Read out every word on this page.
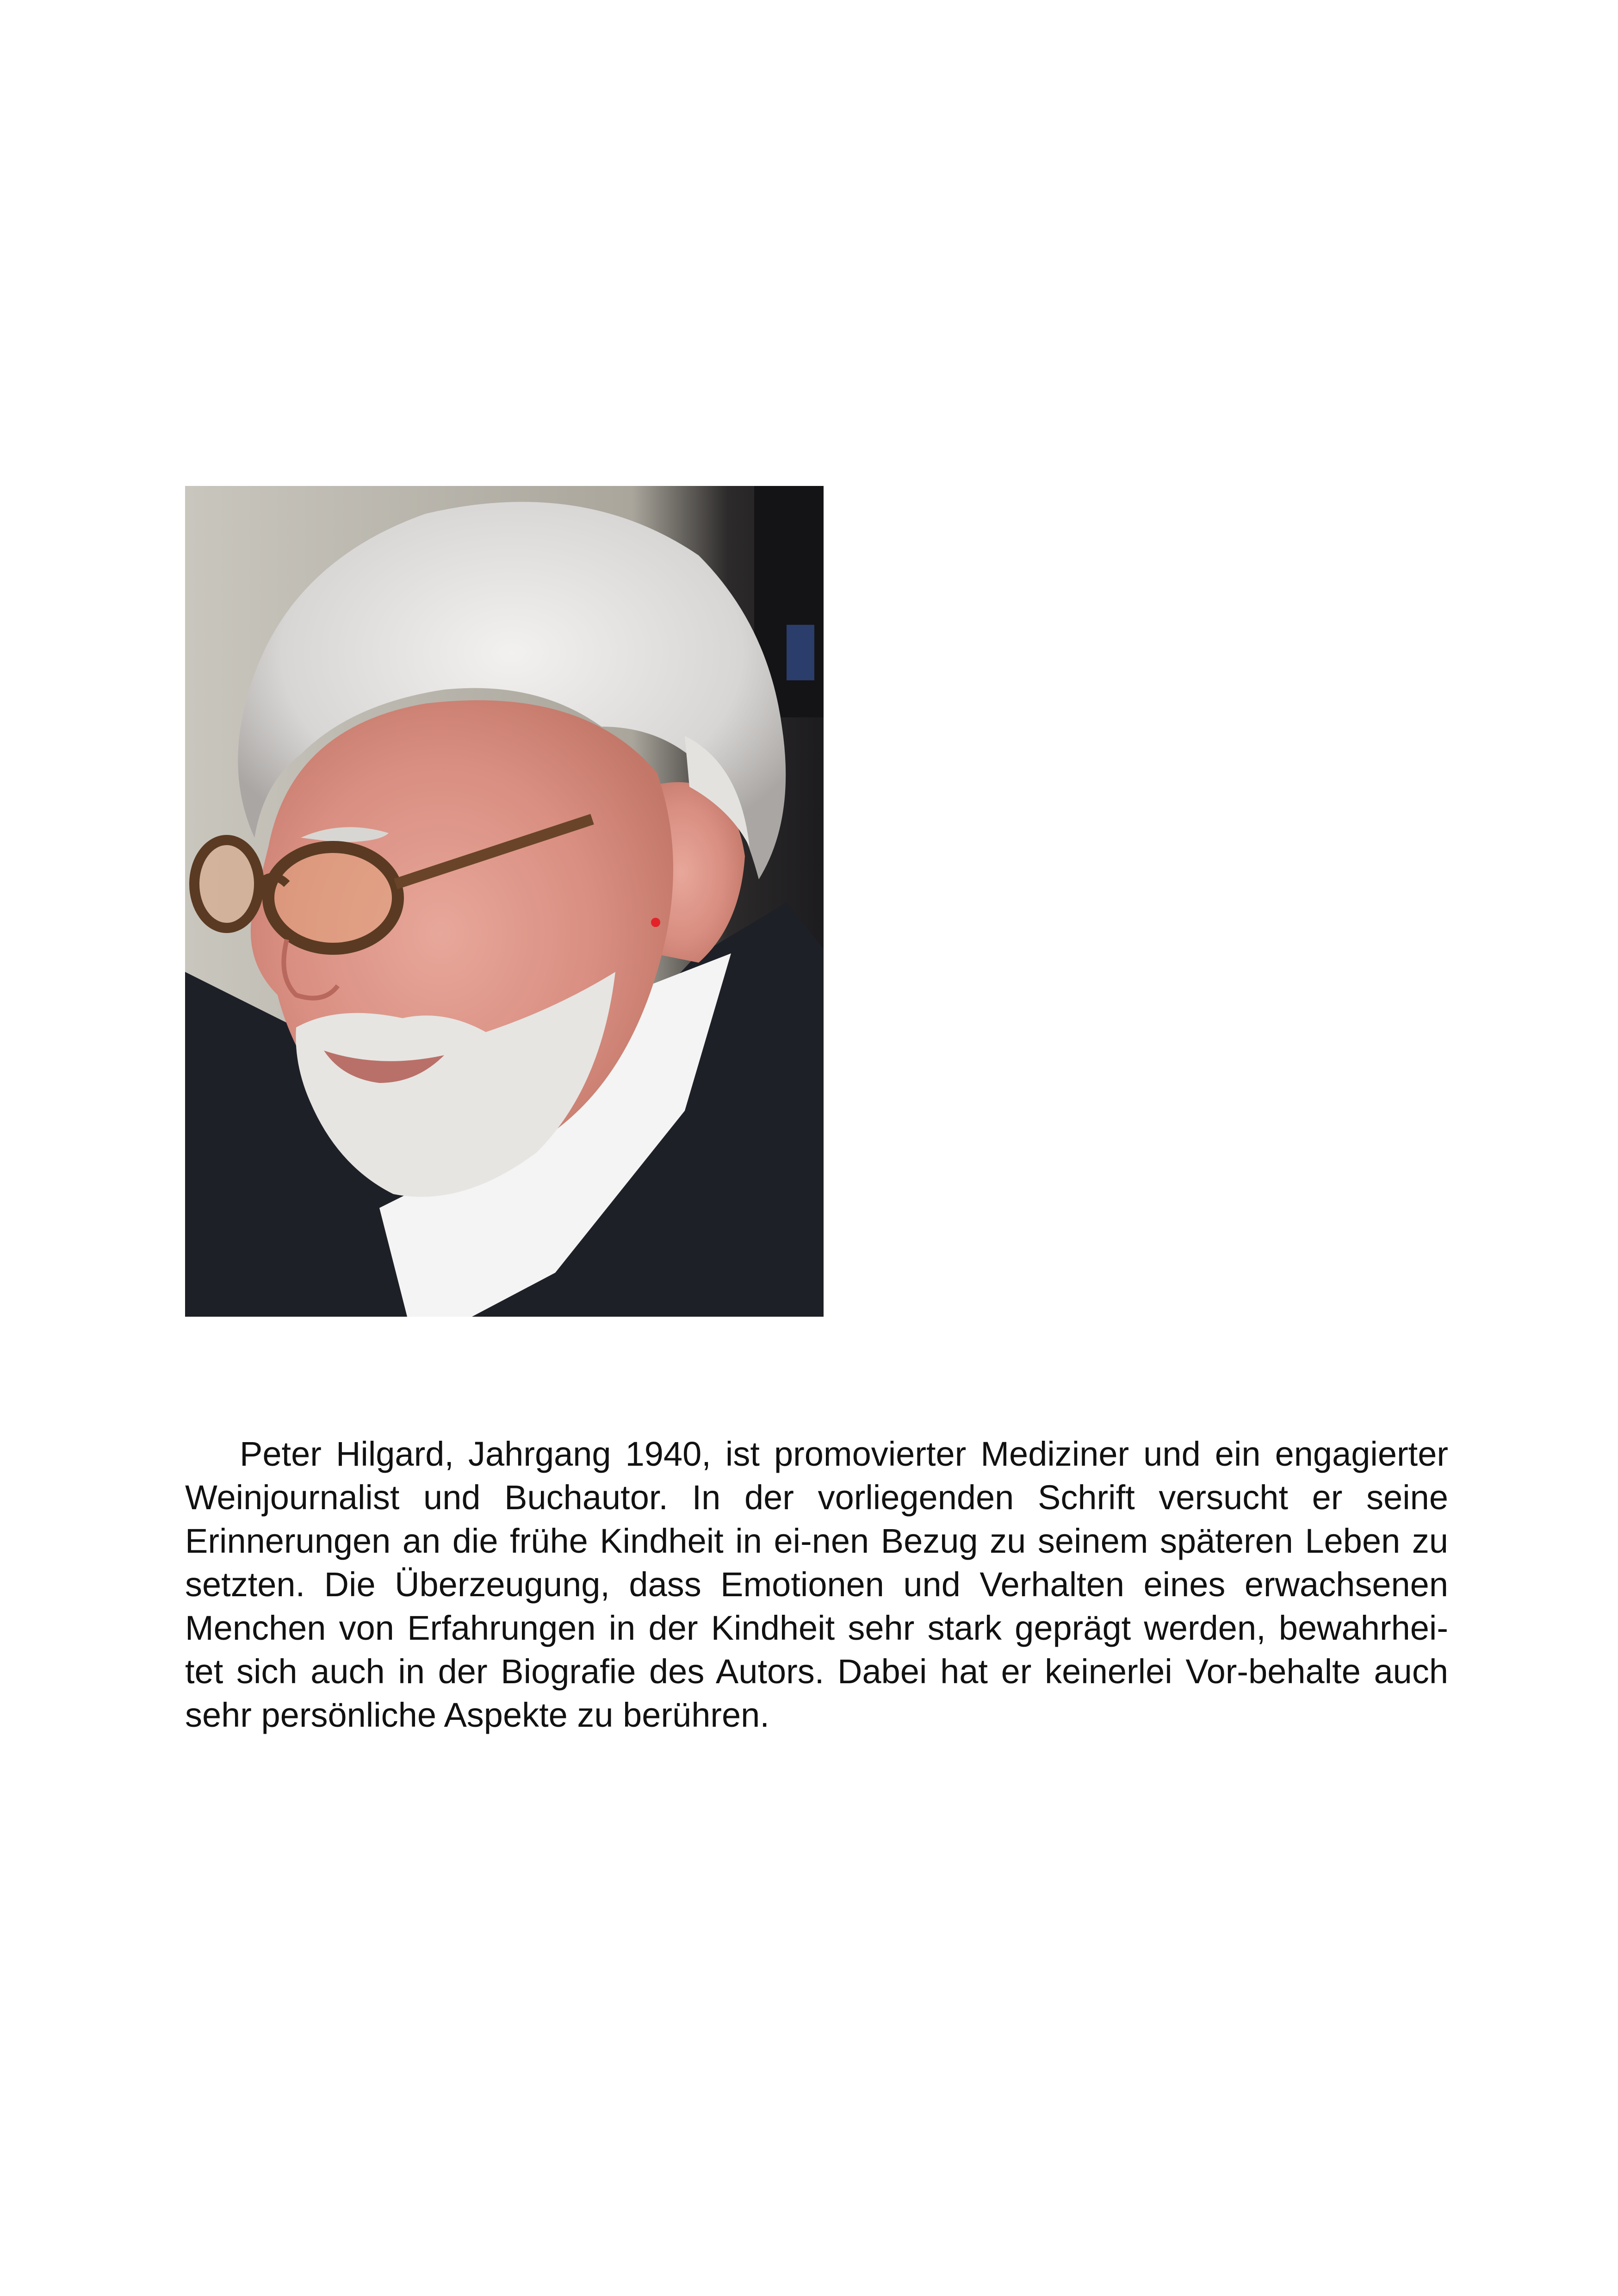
Peter Hilgard, Jahrgang 1940, ist promovierter Mediziner und ein engagierter Weinjournalist und Buchautor. In der vorliegenden Schrift versucht er seine Erinnerungen an die frühe Kindheit in ei-nen Bezug zu seinem späteren Leben zu setzten. Die Überzeugung, dass Emotionen und Verhalten eines erwachsenen Menchen von Erfahrungen in der Kindheit sehr stark geprägt werden, bewahrhei-tet sich auch in der Biografie des Autors. Dabei hat er keinerlei Vor-behalte auch sehr persönliche Aspekte zu berühren.
